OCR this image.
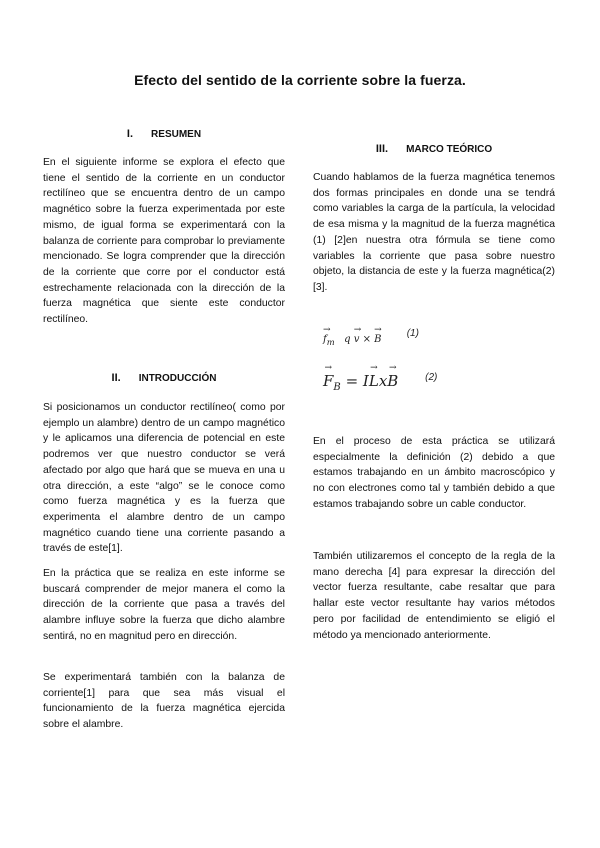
Efecto del sentido de la corriente sobre la fuerza.
I. RESUMEN

En el siguiente informe se explora el efecto que tiene el sentido de la corriente en un conductor rectilíneo que se encuentra dentro de un campo magnético sobre la fuerza experimentada por este mismo, de igual forma se experimentará con la balanza de corriente para comprobar lo previamente mencionado. Se logra comprender que la dirección de la corriente que corre por el conductor está estrechamente relacionada con la dirección de la fuerza magnética que siente este conductor rectilíneo.

II. INTRODUCCIÓN

Si posicionamos un conductor rectilíneo( como por ejemplo un alambre) dentro de un campo magnético y le aplicamos una diferencia de potencial en este podremos ver que nuestro conductor se verá afectado por algo que hará que se mueva en una u otra dirección, a este “algo” se le conoce como como fuerza magnética y es la fuerza que experimenta el alambre dentro de un campo magnético cuando tiene una corriente pasando a través de este[1].

En la práctica que se realiza en este informe se buscará comprender de mejor manera el como la dirección de la corriente que pasa a través del alambre influye sobre la fuerza que dicho alambre sentirá, no en magnitud pero en dirección.

Se experimentará también con la balanza de corriente[1] para que sea más visual el funcionamiento de la fuerza magnética ejercida sobre el alambre.

III. MARCO TEÓRICO

Cuando hablamos de la fuerza magnética tenemos dos formas principales en donde una se tendrá como variables la carga de la partícula, la velocidad de esa misma y la magnitud de la fuerza magnética (1) [2]en nuestra otra fórmula se tiene como variables la corriente que pasa sobre nuestro objeto, la distancia de este y la fuerza magnética(2)[3].

→ $f_m$ q → v × → B (1)
→ $F_B = I\to Lx\to B$	$^{(2)}$

En el proceso de esta práctica se utilizará especialmente la definición (2) debido a que estamos trabajando en un ámbito macroscópico y no con electrones como tal y también debido a que estamos trabajando sobre un cable conductor.

También utilizaremos el concepto de la regla de la mano derecha [4] para expresar la dirección del vector fuerza resultante, cabe resaltar que para hallar este vector resultante hay varios métodos pero por facilidad de entendimiento se eligió el método ya mencionado anteriormente.
